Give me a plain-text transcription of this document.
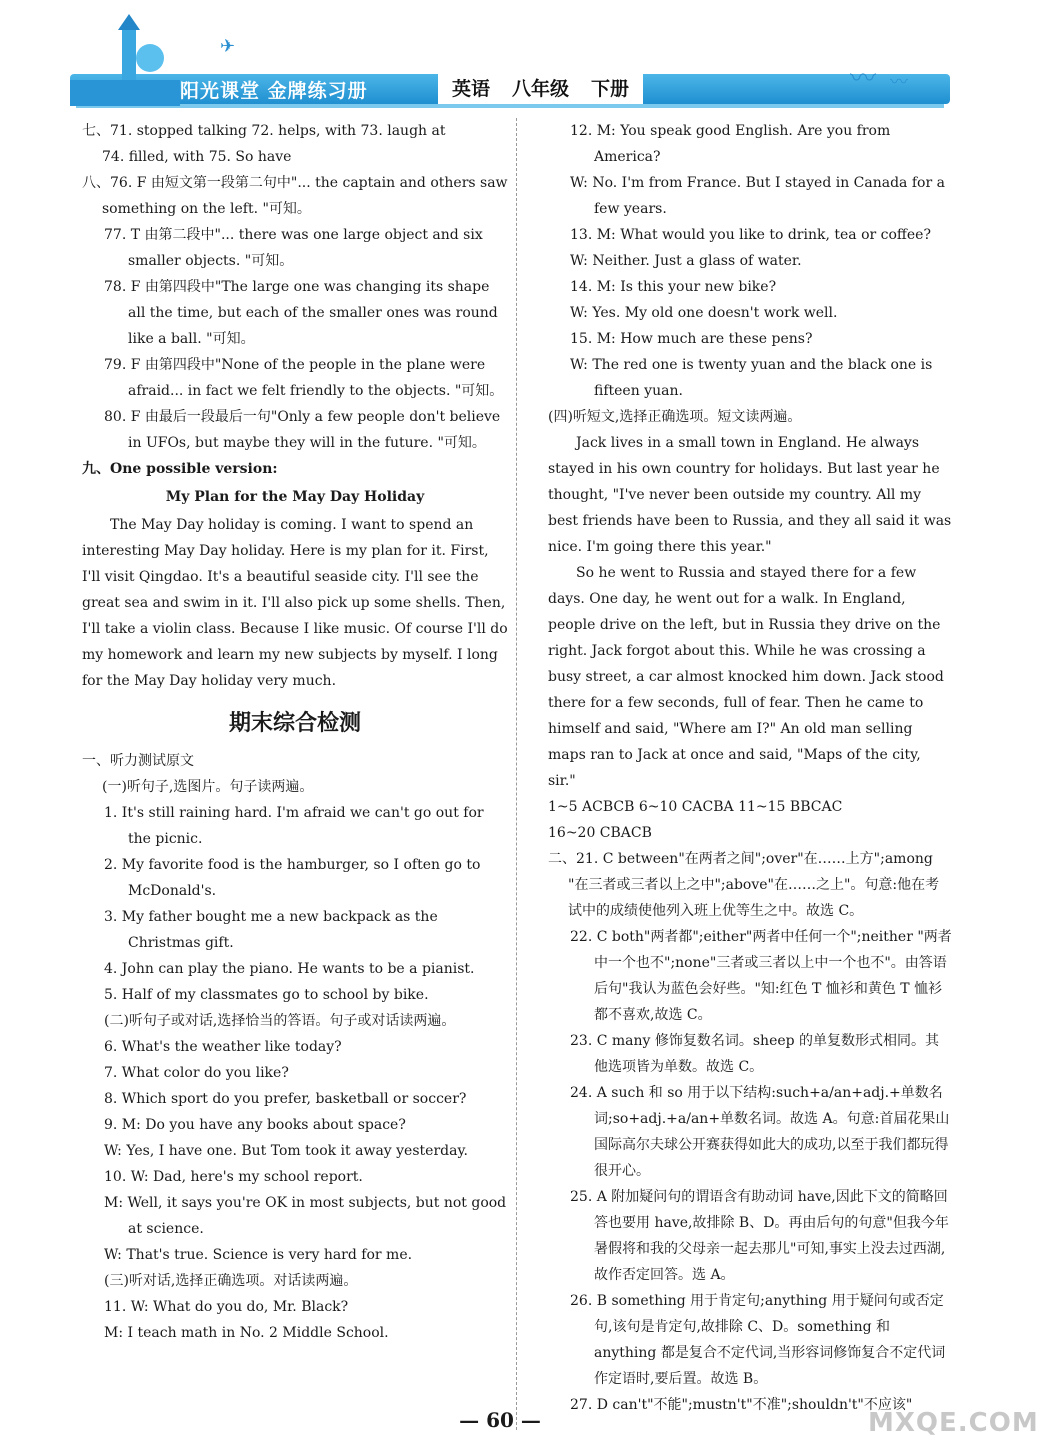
阳光课堂 金牌练习册	英语 八年级 下册	〰 〰
✈

七、71. stopped talking 72. helps, with 73. laugh at

74. filled, with 75. So have

八、76. F 由短文第一段第二句中"... the captain and others saw something on the left. "可知。

77. T 由第二段中"... there was one large object and six smaller objects. "可知。

78. F 由第四段中"The large one was changing its shape all the time, but each of the smaller ones was round like a ball. "可知。

79. F 由第四段中"None of the people in the plane were afraid... in fact we felt friendly to the objects. "可知。

80. F 由最后一段最后一句"Only a few people don't believe in UFOs, but maybe they will in the future. "可知。

九、One possible version:

My Plan for the May Day Holiday

The May Day holiday is coming. I want to spend an interesting May Day holiday. Here is my plan for it. First, I'll visit Qingdao. It's a beautiful seaside city. I'll see the great sea and swim in it. I'll also pick up some shells. Then, I'll take a violin class. Because I like music. Of course I'll do my homework and learn my new subjects by myself. I long for the May Day holiday very much.

期末综合检测

一、听力测试原文

(一)听句子,选图片。句子读两遍。

1. It's still raining hard. I'm afraid we can't go out for the picnic.

2. My favorite food is the hamburger, so I often go to McDonald's.

3. My father bought me a new backpack as the Christmas gift.

4. John can play the piano. He wants to be a pianist.

5. Half of my classmates go to school by bike.

(二)听句子或对话,选择恰当的答语。句子或对话读两遍。

6. What's the weather like today?

7. What color do you like?

8. Which sport do you prefer, basketball or soccer?

9. M: Do you have any books about space?

W: Yes, I have one. But Tom took it away yesterday.

10. W: Dad, here's my school report.

M: Well, it says you're OK in most subjects, but not good at science.

W: That's true. Science is very hard for me.

(三)听对话,选择正确选项。对话读两遍。

11. W: What do you do, Mr. Black?

M: I teach math in No. 2 Middle School.

12. M: You speak good English. Are you from America?

W: No. I'm from France. But I stayed in Canada for a few years.

13. M: What would you like to drink, tea or coffee?

W: Neither. Just a glass of water.

14. M: Is this your new bike?

W: Yes. My old one doesn't work well.

15. M: How much are these pens?

W: The red one is twenty yuan and the black one is fifteen yuan.

(四)听短文,选择正确选项。短文读两遍。

Jack lives in a small town in England. He always stayed in his own country for holidays. But last year he thought, "I've never been outside my country. All my best friends have been to Russia, and they all said it was nice. I'm going there this year."

So he went to Russia and stayed there for a few days. One day, he went out for a walk. In England, people drive on the left, but in Russia they drive on the right. Jack forgot about this. While he was crossing a busy street, a car almost knocked him down. Jack stood there for a few seconds, full of fear. Then he came to himself and said, "Where am I?" An old man selling maps ran to Jack at once and said, "Maps of the city, sir."

1~5 ACBCB 6~10 CACBA 11~15 BBCAC

16~20 CBACB

二、21. C between"在两者之间";over"在……上方";among "在三者或三者以上之中";above"在……之上"。句意:他在考试中的成绩使他列入班上优等生之中。故选 C。

22. C both"两者都";either"两者中任何一个";neither "两者中一个也不";none"三者或三者以上中一个也不"。由答语后句"我认为蓝色会好些。"知:红色 T 恤衫和黄色 T 恤衫都不喜欢,故选 C。

23. C many 修饰复数名词。sheep 的单复数形式相同。其他选项皆为单数。故选 C。

24. A such 和 so 用于以下结构:such+a/an+adj.+单数名词;so+adj.+a/an+单数名词。故选 A。句意:首届花果山国际高尔夫球公开赛获得如此大的成功,以至于我们都玩得很开心。

25. A 附加疑问句的谓语含有助动词 have,因此下文的简略回答也要用 have,故排除 B、D。再由后句的句意"但我今年暑假将和我的父母亲一起去那儿"可知,事实上没去过西湖,故作否定回答。选 A。

26. B something 用于肯定句;anything 用于疑问句或否定句,该句是肯定句,故排除 C、D。something 和 anything 都是复合不定代词,当形容词修饰复合不定代词作定语时,要后置。故选 B。

27. D can't"不能";mustn't"不准";shouldn't"不应该"

— 60 —	MXQE.COM
